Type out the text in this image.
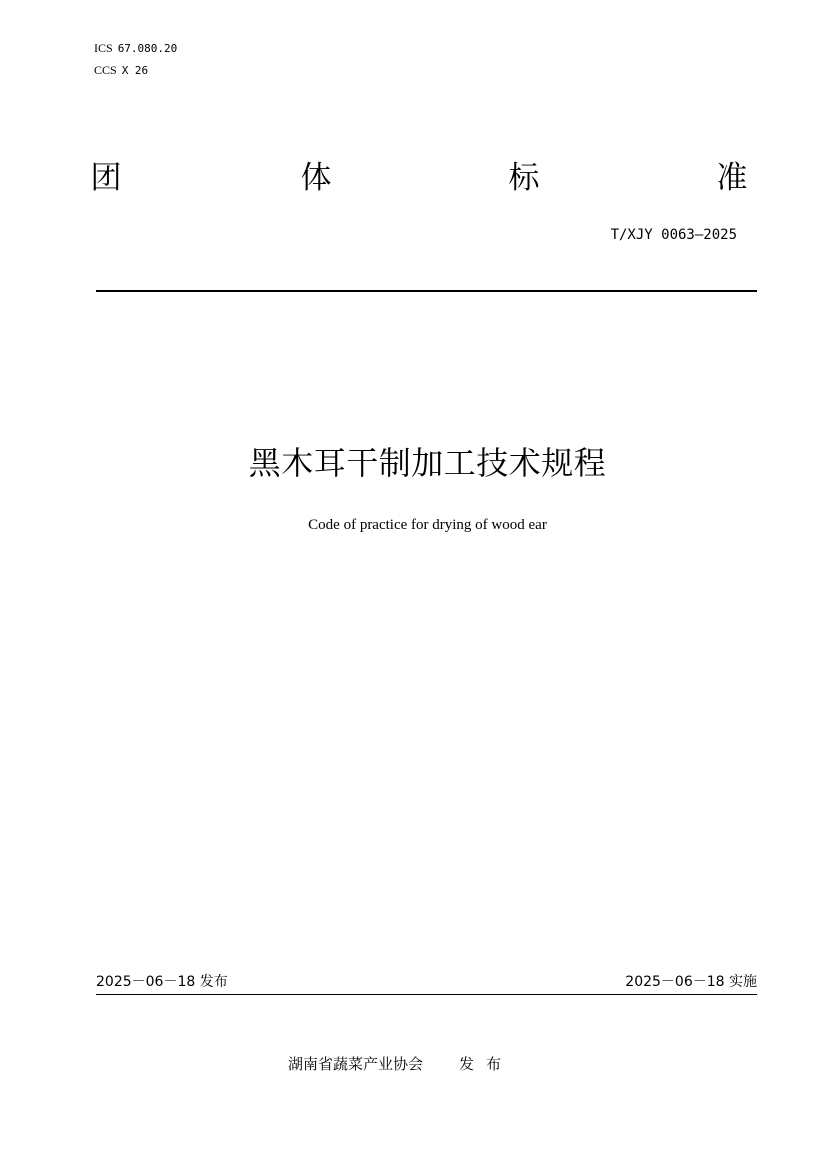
ICS 67.080.20
CCS X 26
团	体	标	准
T/XJY 0063—2025
黑木耳干制加工技术规程
Code of practice for drying of wood ear
2025－06－18 发布	2025－06－18 实施
湖南省蔬菜产业协会 发布
